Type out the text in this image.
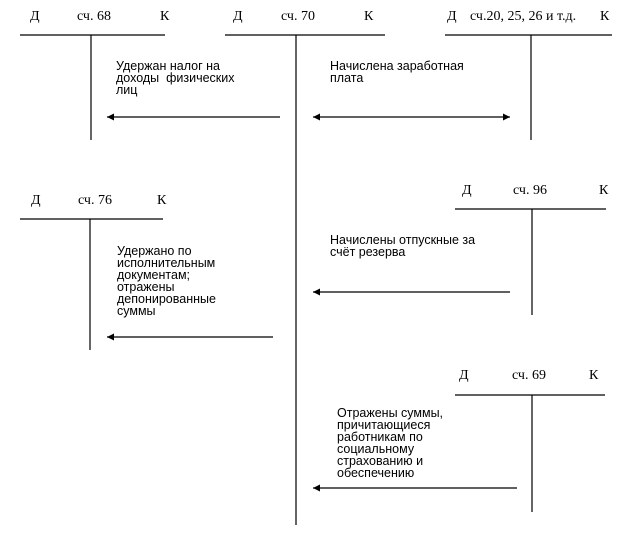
Д	сч. 68	К	Д	сч. 70	К	Д сч.20, 25, 26 и т.д. К
Д	сч. 76	К
Д	сч. 96	К
Д	сч. 69	К
Удержан налог на
доходы  физических
лиц
Начислена заработная
плата
Удержано по
исполнительным
документам;
отражены
депонированные
суммы
Начислены отпускные за
счёт резерва
Отражены суммы,
причитающиеся
работникам по
социальному
страхованию и
обеспечению
